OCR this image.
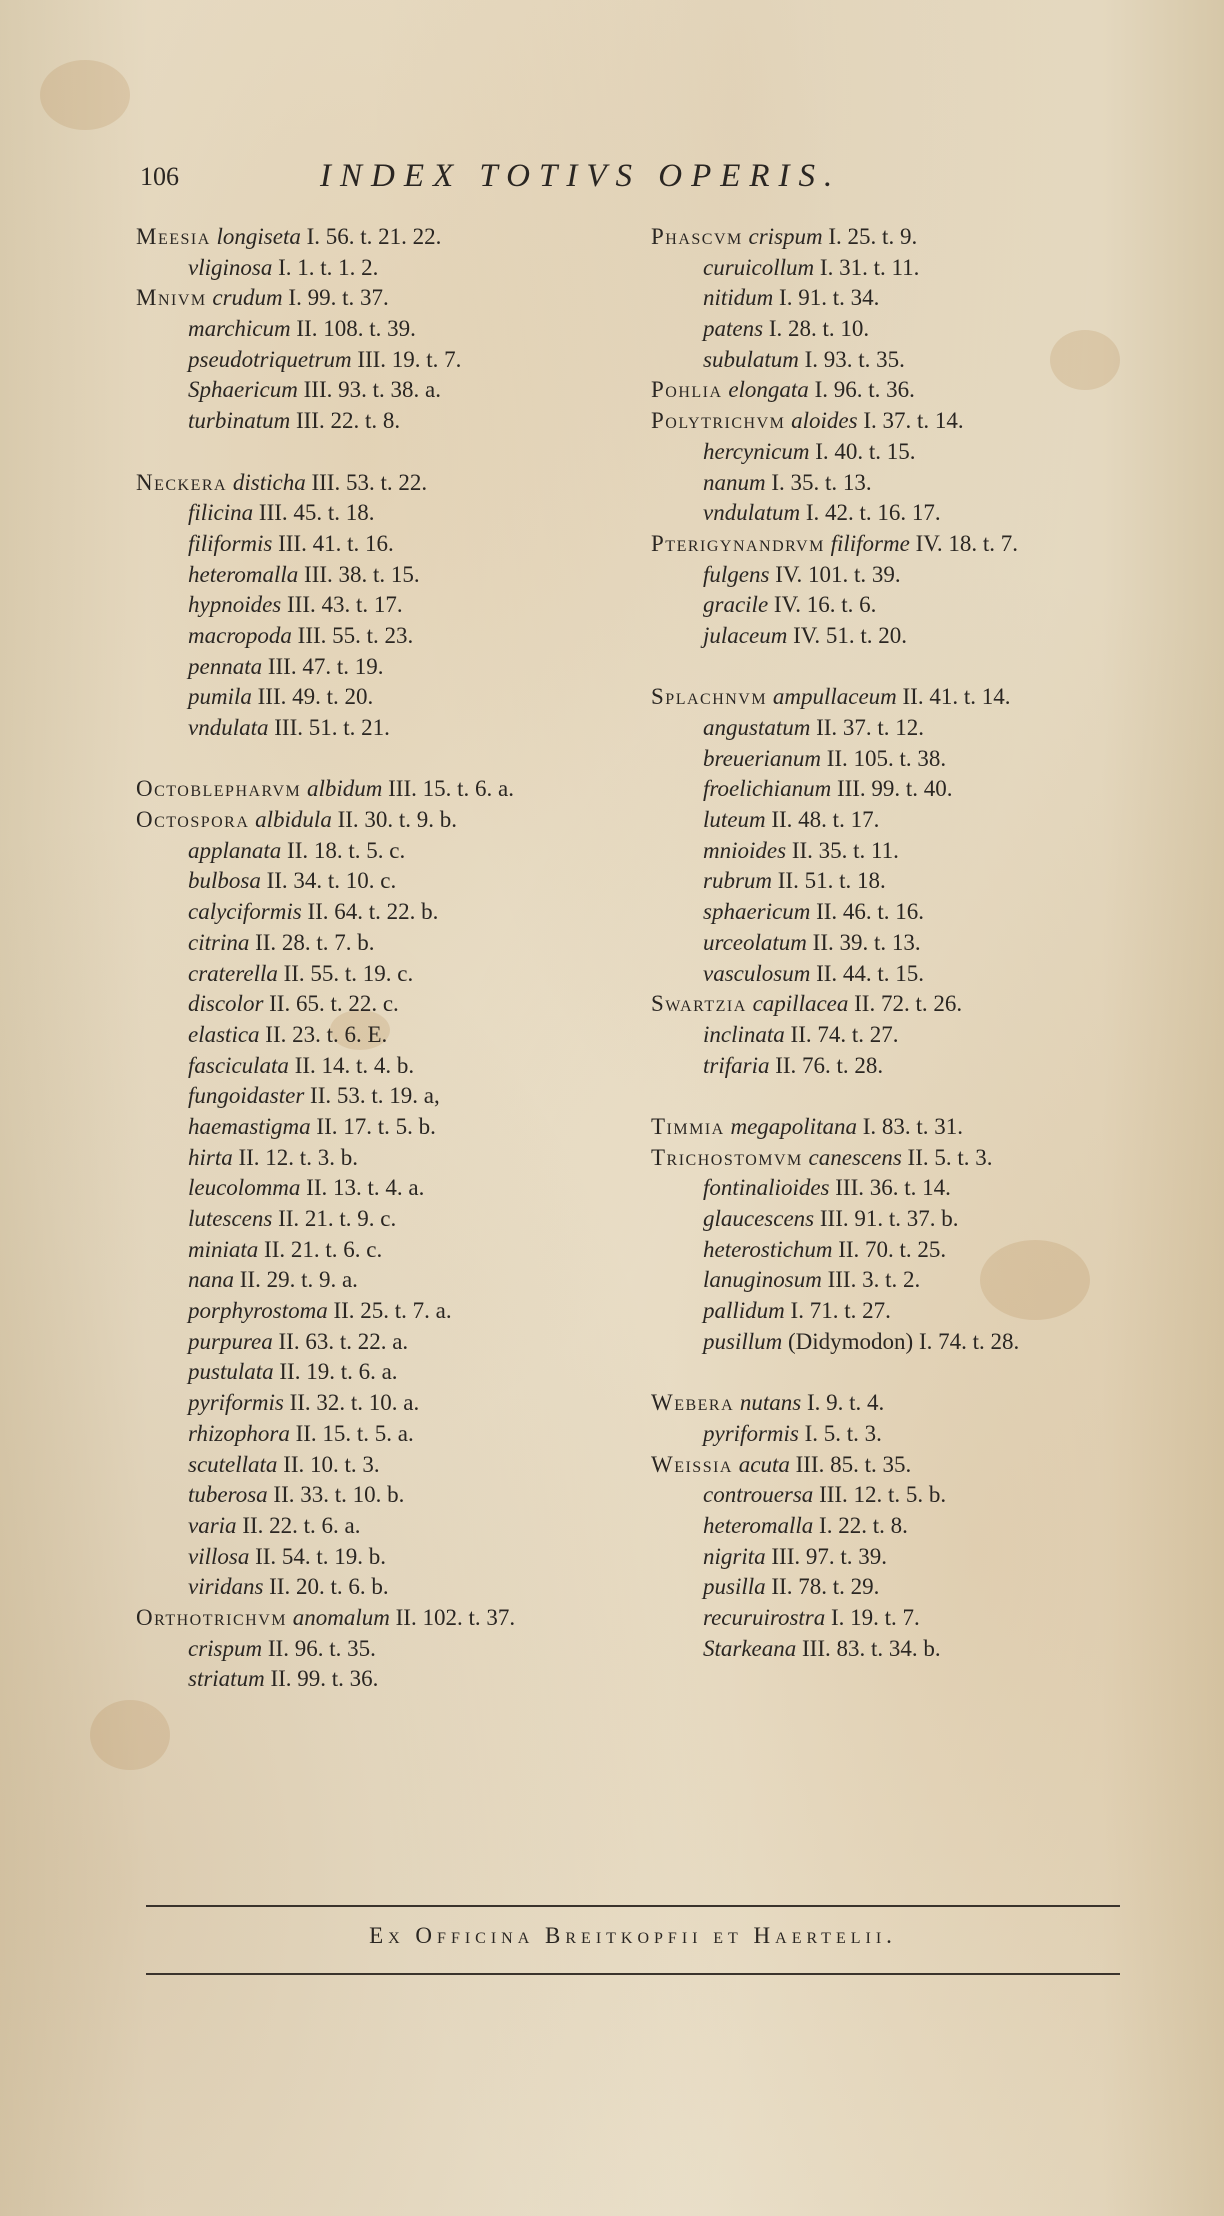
106	INDEX TOTIVS OPERIS.
Meesia longiseta I. 56. t. 21. 22.
vliginosa I. 1. t. 1. 2.
Mnivm crudum I. 99. t. 37.
marchicum II. 108. t. 39.
pseudotriquetrum III. 19. t. 7.
Sphaericum III. 93. t. 38. a.
turbinatum III. 22. t. 8.
Neckera disticha III. 53. t. 22.
filicina III. 45. t. 18.
filiformis III. 41. t. 16.
heteromalla III. 38. t. 15.
hypnoides III. 43. t. 17.
macropoda III. 55. t. 23.
pennata III. 47. t. 19.
pumila III. 49. t. 20.
vndulata III. 51. t. 21.
Octoblepharvm albidum III. 15. t. 6. a.
Octospora albidula II. 30. t. 9. b.
applanata II. 18. t. 5. c.
bulbosa II. 34. t. 10. c.
calyciformis II. 64. t. 22. b.
citrina II. 28. t. 7. b.
craterella II. 55. t. 19. c.
discolor II. 65. t. 22. c.
elastica II. 23. t. 6. E.
fasciculata II. 14. t. 4. b.
fungoidaster II. 53. t. 19. a,
haemastigma II. 17. t. 5. b.
hirta II. 12. t. 3. b.
leucolomma II. 13. t. 4. a.
lutescens II. 21. t. 9. c.
miniata II. 21. t. 6. c.
nana II. 29. t. 9. a.
porphyrostoma II. 25. t. 7. a.
purpurea II. 63. t. 22. a.
pustulata II. 19. t. 6. a.
pyriformis II. 32. t. 10. a.
rhizophora II. 15. t. 5. a.
scutellata II. 10. t. 3.
tuberosa II. 33. t. 10. b.
varia II. 22. t. 6. a.
villosa II. 54. t. 19. b.
viridans II. 20. t. 6. b.
Orthotrichvm anomalum II. 102. t. 37.
crispum II. 96. t. 35.
striatum II. 99. t. 36.
Phascvm crispum I. 25. t. 9.
curuicollum I. 31. t. 11.
nitidum I. 91. t. 34.
patens I. 28. t. 10.
subulatum I. 93. t. 35.
Pohlia elongata I. 96. t. 36.
Polytrichvm aloides I. 37. t. 14.
hercynicum I. 40. t. 15.
nanum I. 35. t. 13.
vndulatum I. 42. t. 16. 17.
Pterigynandrvm filiforme IV. 18. t. 7.
fulgens IV. 101. t. 39.
gracile IV. 16. t. 6.
julaceum IV. 51. t. 20.
Splachnvm ampullaceum II. 41. t. 14.
angustatum II. 37. t. 12.
breuerianum II. 105. t. 38.
froelichianum III. 99. t. 40.
luteum II. 48. t. 17.
mnioides II. 35. t. 11.
rubrum II. 51. t. 18.
sphaericum II. 46. t. 16.
urceolatum II. 39. t. 13.
vasculosum II. 44. t. 15.
Swartzia capillacea II. 72. t. 26.
inclinata II. 74. t. 27.
trifaria II. 76. t. 28.
Timmia megapolitana I. 83. t. 31.
Trichostomvm canescens II. 5. t. 3.
fontinalioides III. 36. t. 14.
glaucescens III. 91. t. 37. b.
heterostichum II. 70. t. 25.
lanuginosum III. 3. t. 2.
pallidum I. 71. t. 27.
pusillum (Didymodon) I. 74. t. 28.
Webera nutans I. 9. t. 4.
pyriformis I. 5. t. 3.
Weissia acuta III. 85. t. 35.
controuersa III. 12. t. 5. b.
heteromalla I. 22. t. 8.
nigrita III. 97. t. 39.
pusilla II. 78. t. 29.
recuruirostra I. 19. t. 7.
Starkeana III. 83. t. 34. b.
Ex Officina Breitkopfii et Haertelii.
